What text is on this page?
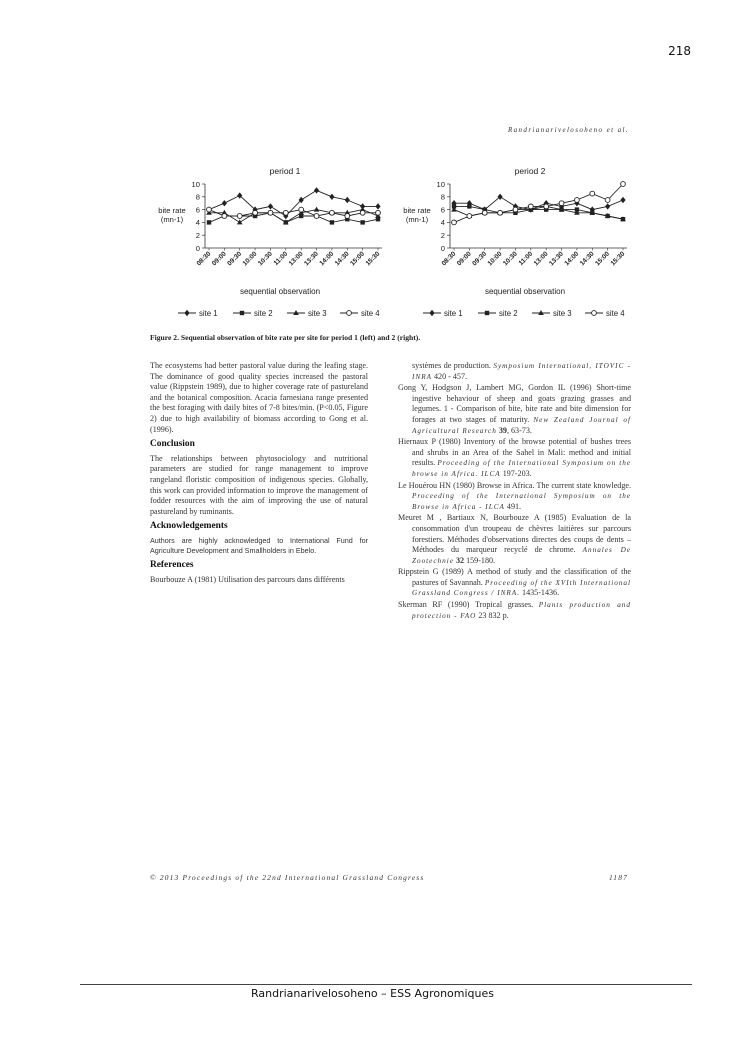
218
Randrianarivelosoheno et al.
period 1
0
2
4
6
8
10
bite rate
(mn-1)
08:30
09:00
09:30
10:00
10:30
11:00
13:00
13:30
14:00
14:30
15:00
15:30
sequential observation
site 1	site 2	site 3	site 4
period 2
0
2
4
6
8
10
bite rate
(mn-1)
08:30
09:00
09:30
10:00
10:30
11:00
13:00
13:30
14:00
14:30
15:00
15:30
sequential observation
site 1	site 2	site 3	site 4
Figure 2. Sequential observation of bite rate per site for period 1 (left) and 2 (right).

The ecosystems had better pastoral value during the leafing stage. The dominance of good quality species increased the pastoral value (Rippstein 1989), due to higher coverage rate of pastureland and the botanical composition. Acacia farnesiana range presented the best foraging with daily bites of 7-8 bites/min. (P<0.05, Figure 2) due to high availability of biomass according to Gong et al. (1996).

Conclusion

The relationships between phytosociology and nutritional parameters are studied for range management to improve rangeland floristic composition of indigenous species. Globally, this work can provided information to improve the management of fodder resources with the aim of improving the use of natural pastureland by ruminants.

Acknowledgements

Authors are highly acknowledged to International Fund for Agriculture Development and Smallholders in Ebelo.

References

Bourbouze A (1981) Utilisation des parcours dans différents

systèmes de production. Symposium International, ITOVIC - INRA 420 - 457.

Gong Y, Hodgson J, Lambert MG, Gordon IL (1996) Short-time ingestive behaviour of sheep and goats grazing grasses and legumes. 1 - Comparison of bite, bite rate and bite dimension for forages at two stages of maturity. New Zealand Journal of Agricultural Research 39, 63-73.

Hiernaux P (1980) Inventory of the browse potential of bushes trees and shrubs in an Area of the Sahel in Mali: method and initial results. Proceeding of the International Symposium on the browse in Africa. ILCA 197-203.

Le Houérou HN (1980) Browse in Africa. The current state knowledge. Proceeding of the International Symposium on the Browse in Africa - ILCA 491.

Meuret M , Bartiaux N, Bourbouze A (1985) Evaluation de la consommation d'un troupeau de chèvres laitières sur parcours forestiers. Méthodes d'observations directes des coups de dents – Méthodes du marqueur recyclé de chrome. Annales De Zootechnie 32 159-180.

Rippstein G (1989) A method of study and the classification of the pastures of Savannah. Proceeding of the XVIth International Grassland Congress / INRA. 1435-1436.

Skerman RF (1990) Tropical grasses. Plants production and protection - FAO 23 832 p.

© 2013 Proceedings of the 22nd International Grassland Congress	1187
Randrianarivelosoheno – ESS Agronomiques
